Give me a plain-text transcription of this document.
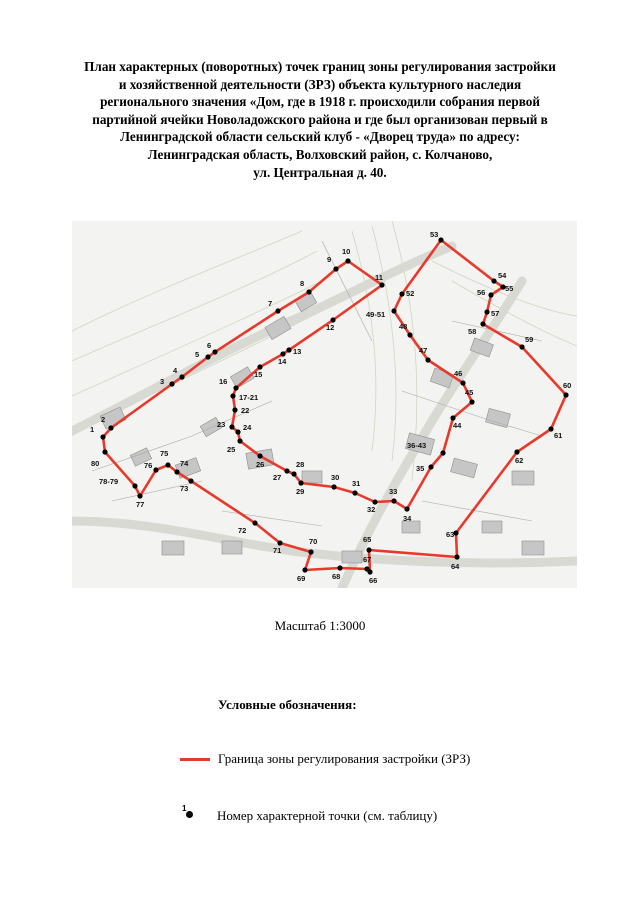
План характерных (поворотных) точек границ зоны регулирования застройки
и хозяйственной деятельности (ЗРЗ) объекта культурного наследия
регионального значения «Дом, где в 1918 г. происходили собрания первой
партийной ячейки Новоладожского района и где был организован первый в
Ленинградской области сельский клуб - «Дворец труда» по адресу:
Ленинградская область, Волховский район, с. Колчаново,
ул. Центральная д. 40.
1
2
3
4
5
6
7
8
9
10
11
12
13
14
15
16
17-21
22
23 24
25
26
27
28
29
30
31
32
33
34
35
36-43
44
45
46
47
48
49-51
52
53
54
55
56
57
58
59
60
61
62
63
64
65
66
67
68
69
70
71
72
73
74
75
76
77
78-79
80
Масштаб 1:3000
Условные обозначения:
Граница зоны регулирования застройки (ЗРЗ)
1 Номер характерной точки (см. таблицу)
